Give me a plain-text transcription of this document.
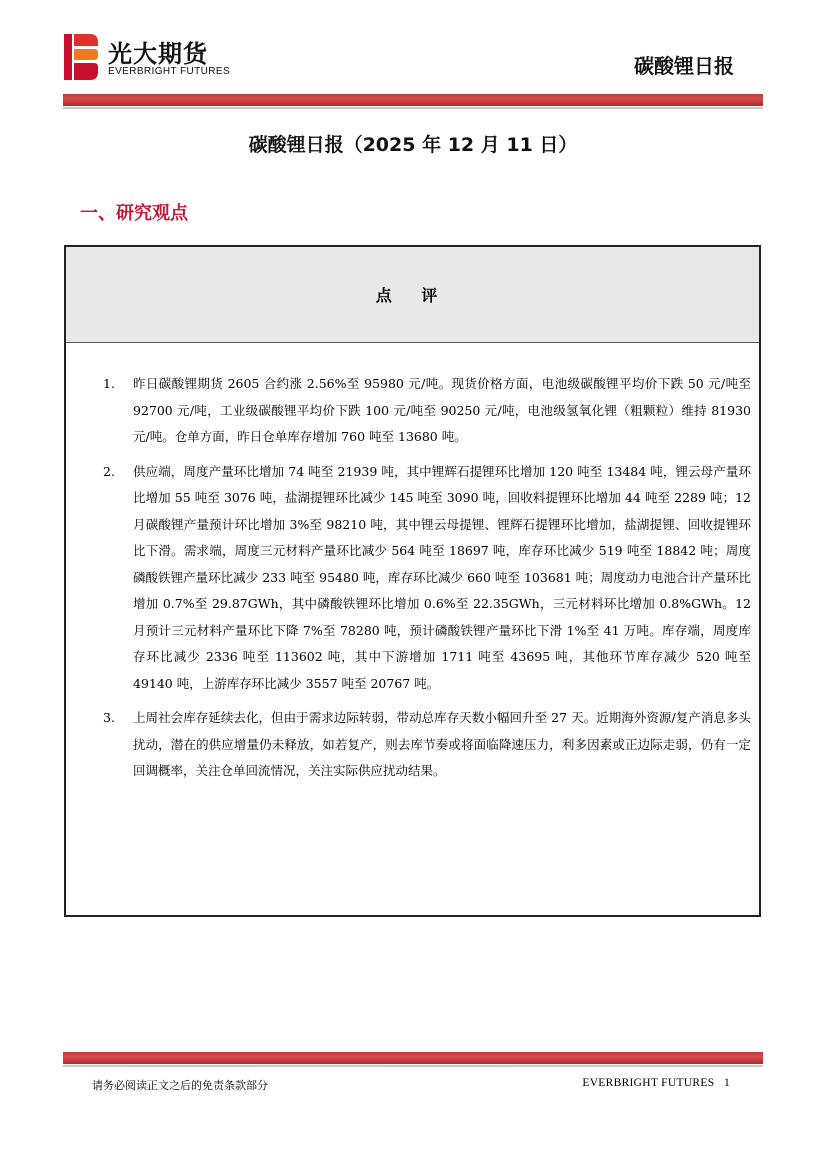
光大期货
EVERBRIGHT FUTURES	碳酸锂日报
碳酸锂日报（2025 年 12 月 11 日）
一、研究观点
点 评
1. 昨日碳酸锂期货 2605 合约涨 2.56%至 95980 元/吨。现货价格方面，电池级碳酸锂平均价下跌 50 元/吨至 92700 元/吨，工业级碳酸锂平均价下跌 100 元/吨至 90250 元/吨，电池级氢氧化锂（粗颗粒）维持 81930 元/吨。仓单方面，昨日仓单库存增加 760 吨至 13680 吨。
2. 供应端，周度产量环比增加 74 吨至 21939 吨，其中锂辉石提锂环比增加 120 吨至 13484 吨，锂云母产量环比增加 55 吨至 3076 吨，盐湖提锂环比减少 145 吨至 3090 吨，回收料提锂环比增加 44 吨至 2289 吨；12 月碳酸锂产量预计环比增加 3%至 98210 吨，其中锂云母提锂、锂辉石提锂环比增加，盐湖提锂、回收提锂环比下滑。需求端，周度三元材料产量环比减少 564 吨至 18697 吨，库存环比减少 519 吨至 18842 吨；周度磷酸铁锂产量环比减少 233 吨至 95480 吨，库存环比减少 660 吨至 103681 吨；周度动力电池合计产量环比增加 0.7%至 29.87GWh，其中磷酸铁锂环比增加 0.6%至 22.35GWh，三元材料环比增加 0.8%GWh。12 月预计三元材料产量环比下降 7%至 78280 吨，预计磷酸铁锂产量环比下滑 1%至 41 万吨。库存端，周度库存环比减少 2336 吨至 113602 吨，其中下游增加 1711 吨至 43695 吨，其他环节库存减少 520 吨至 49140 吨，上游库存环比减少 3557 吨至 20767 吨。
3. 上周社会库存延续去化，但由于需求边际转弱，带动总库存天数小幅回升至 27 天。近期海外资源/复产消息多头扰动，潜在的供应增量仍未释放，如若复产，则去库节奏或将面临降速压力，利多因素或正边际走弱，仍有一定回调概率，关注仓单回流情况，关注实际供应扰动结果。
请务必阅读正文之后的免责条款部分	EVERBRIGHT FUTURES 1
